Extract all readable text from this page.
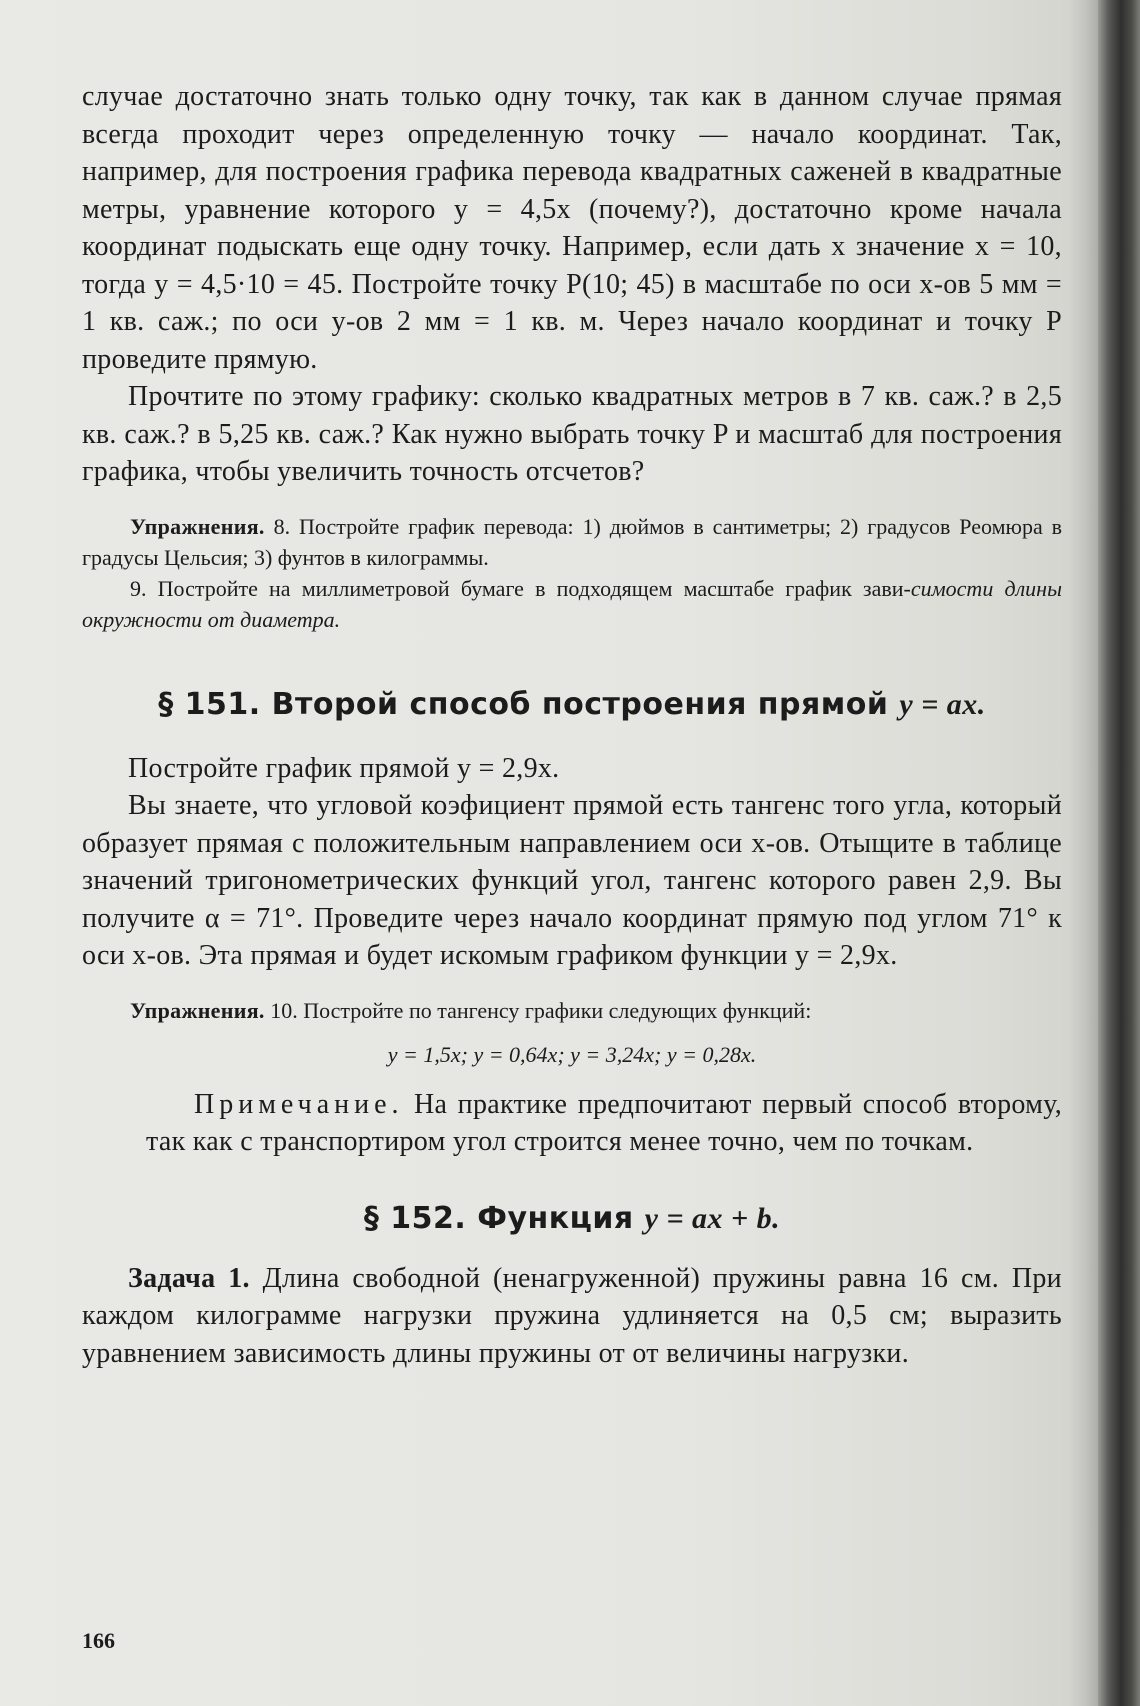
случае достаточно знать только одну точку, так как в данном случае прямая всегда проходит через определенную точку — начало координат. Так, например, для построения графика перевода квадратных саженей в квадратные метры, уравнение которого y = 4,5x (почему?), достаточно кроме начала координат подыскать еще одну точку. Например, если дать x значение x = 10, тогда y = 4,5·10 = 45. Постройте точку P(10; 45) в масштабе по оси x-ов 5 мм = 1 кв. саж.; по оси y-ов 2 мм = 1 кв. м. Через начало координат и точку P проведите прямую.

Прочтите по этому графику: сколько квадратных метров в 7 кв. саж.? в 2,5 кв. саж.? в 5,25 кв. саж.? Как нужно выбрать точку P и масштаб для построения графика, чтобы увеличить точность отсчетов?

Упражнения. 8. Постройте график перевода: 1) дюймов в сантиметры; 2) градусов Реомюра в градусы Цельсия; 3) фунтов в килограммы.

9. Постройте на миллиметровой бумаге в подходящем масштабе график зави-симости длины окружности от диаметра.

§ 151. Второй способ построения прямой y = ax.

Постройте график прямой y = 2,9x.

Вы знаете, что угловой коэфициент прямой есть тангенс того угла, который образует прямая с положительным направлением оси x-ов. Отыщите в таблице значений тригонометрических функций угол, тангенс которого равен 2,9. Вы получите α = 71°. Проведите через начало координат прямую под углом 71° к оси x-ов. Эта прямая и будет искомым графиком функции y = 2,9x.

Упражнения. 10. Постройте по тангенсу графики следующих функций:

y = 1,5x; y = 0,64x; y = 3,24x; y = 0,28x.

Примечание. На практике предпочитают первый способ второму, так как с транспортиром угол строится менее точно, чем по точкам.

§ 152. Функция y = ax + b.

Задача 1. Длина свободной (ненагруженной) пружины равна 16 см. При каждом килограмме нагрузки пружина удлиняется на 0,5 см; выразить уравнением зависимость длины пружины от от величины нагрузки.

166
